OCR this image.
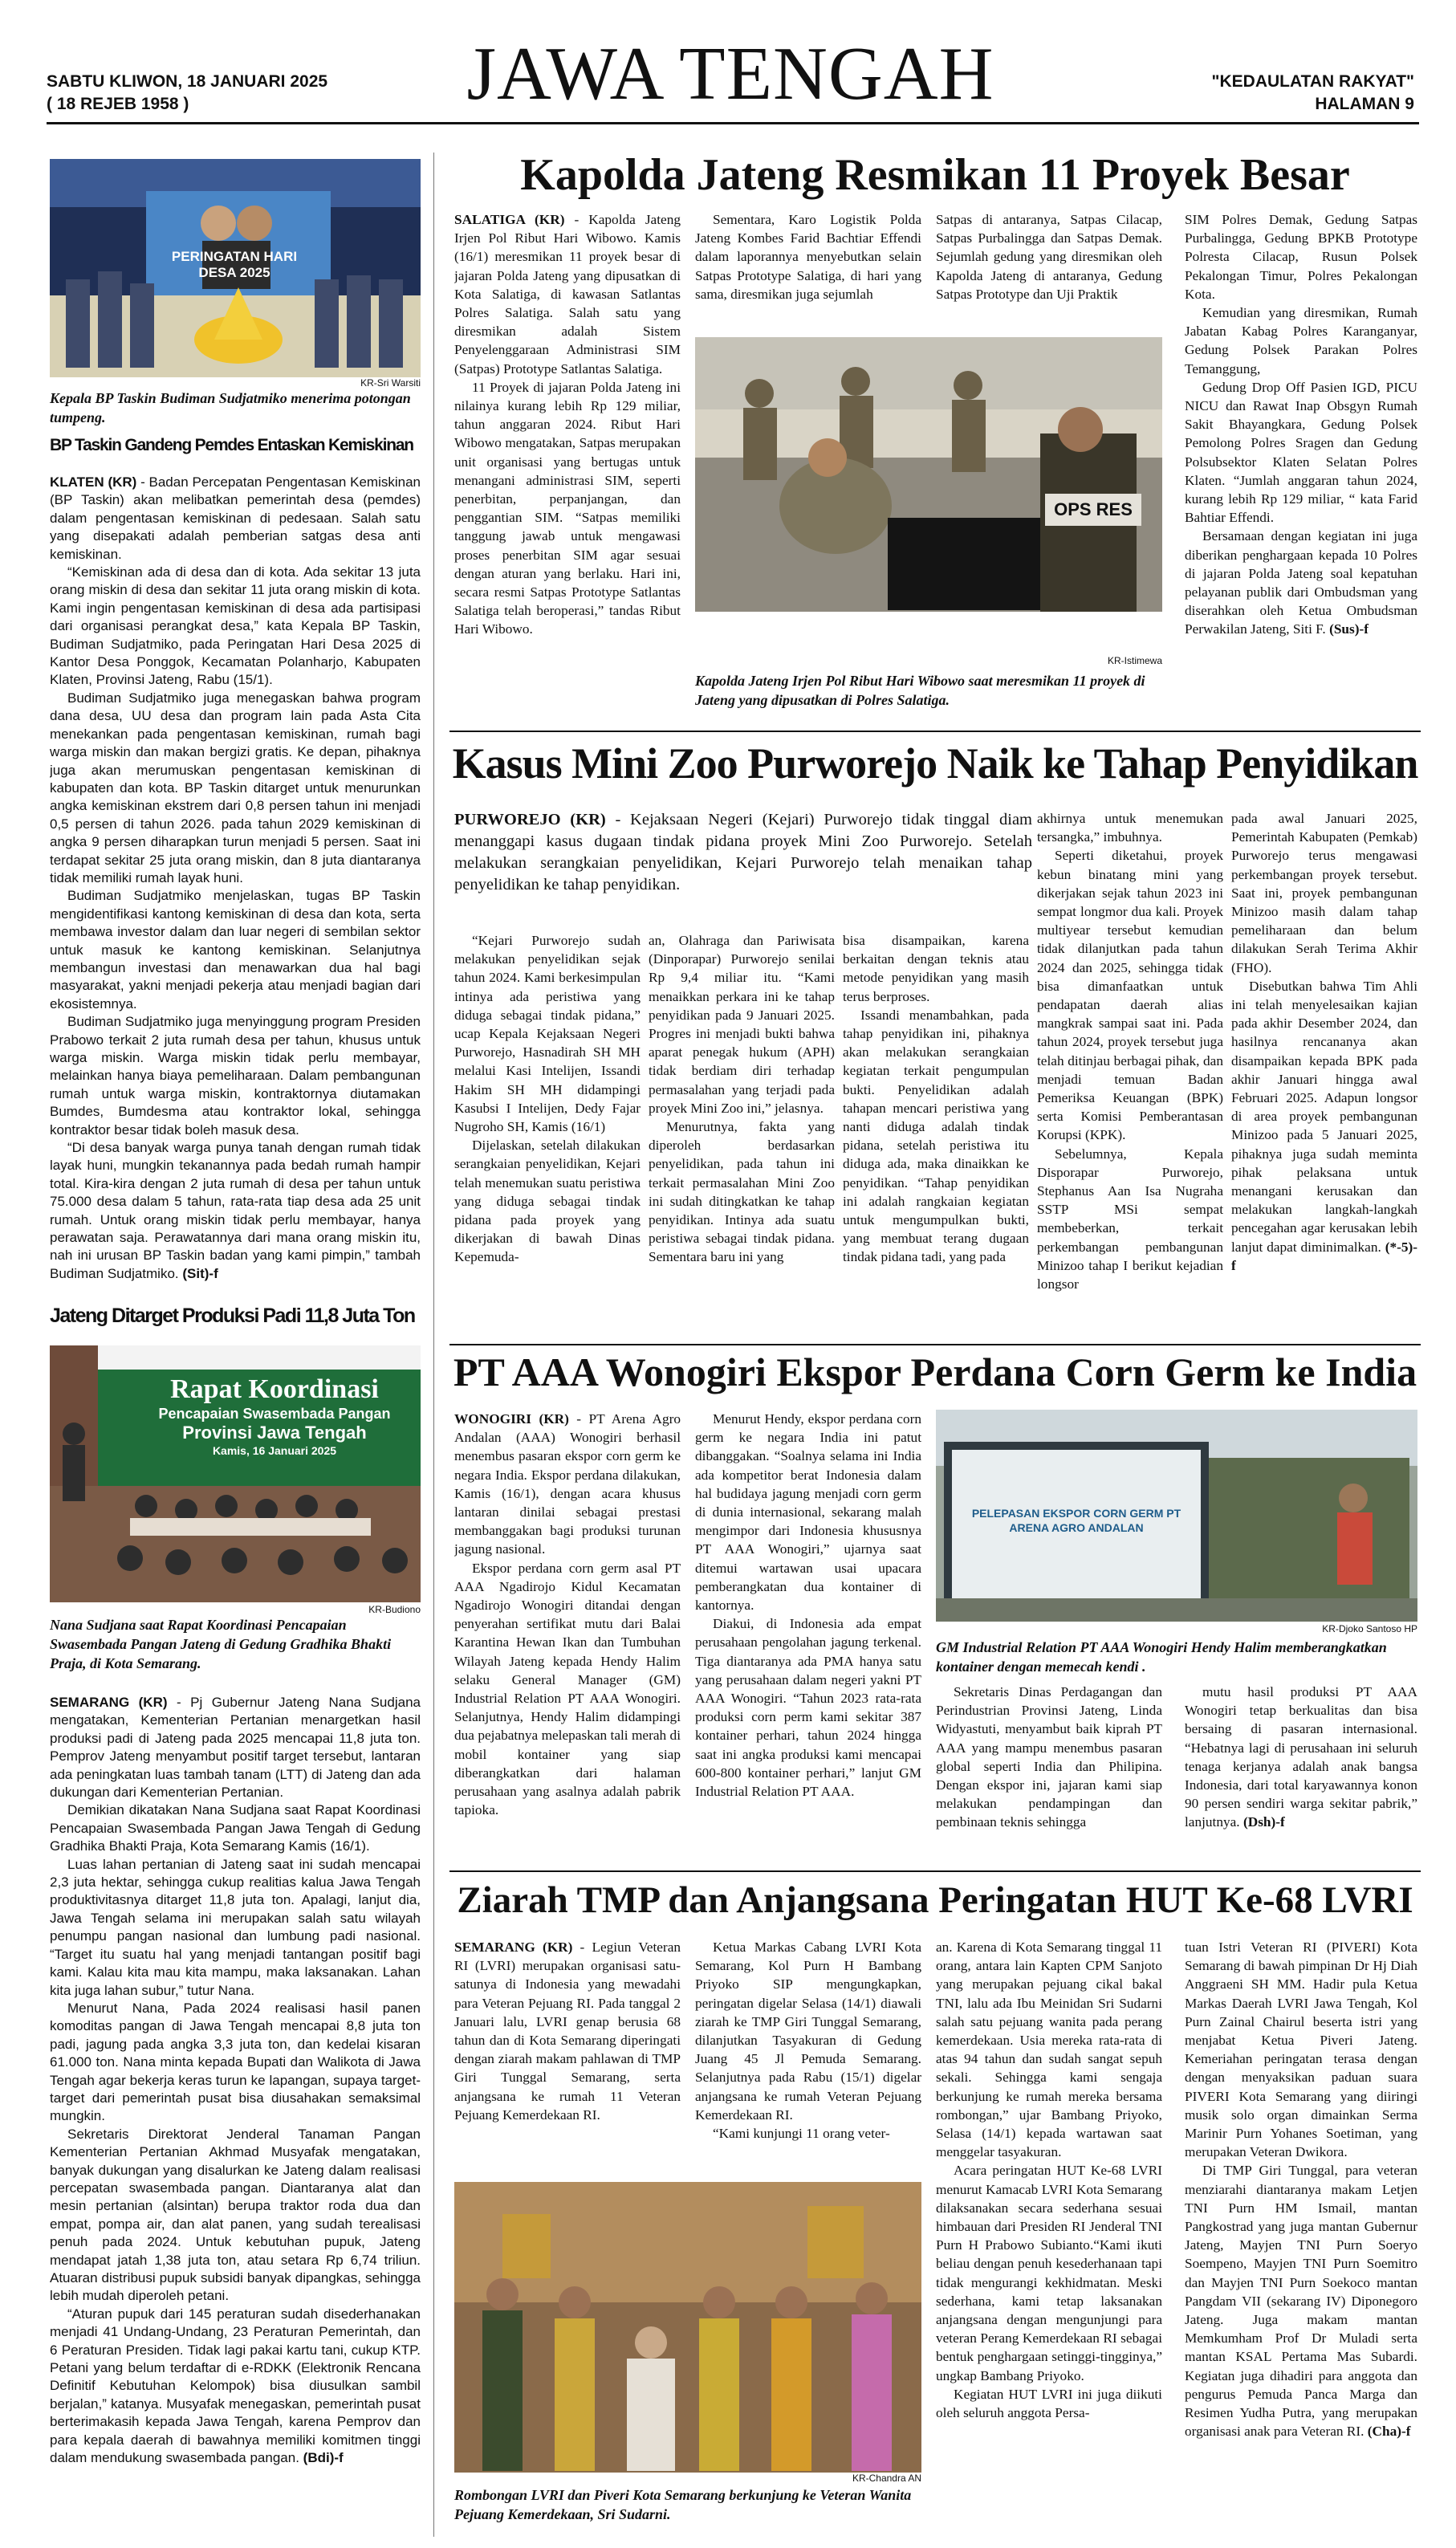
SABTU KLIWON, 18 JANUARI 2025
( 18 REJEB 1958 )	JAWA TENGAH	"KEDAULATAN RAKYAT"
HALAMAN 9
PERINGATAN HARI DESA 2025
KR-Sri Warsiti
Kepala BP Taskin Budiman Sudjatmiko menerima potongan tumpeng.
BP Taskin Gandeng Pemdes Entaskan Kemiskinan

KLATEN (KR) - Badan Percepatan Pengentasan Kemiskinan (BP Taskin) akan melibatkan pemerintah desa (pemdes) dalam pengentasan kemiskinan di pedesaan. Salah satu yang disepakati adalah pemberian satgas desa anti kemiskinan.

“Kemiskinan ada di desa dan di kota. Ada sekitar 13 juta orang miskin di desa dan sekitar 11 juta orang miskin di kota. Kami ingin pengentasan kemiskinan di desa ada partisipasi dari organisasi perangkat desa,” kata Kepala BP Taskin, Budiman Sudjatmiko, pada Peringatan Hari Desa 2025 di Kantor Desa Ponggok, Kecamatan Polanharjo, Kabupaten Klaten, Provinsi Jateng, Rabu (15/1).

Budiman Sudjatmiko juga menegaskan bahwa program dana desa, UU desa dan program lain pada Asta Cita menekankan pada pengentasan kemiskinan, rumah bagi warga miskin dan makan bergizi gratis. Ke depan, pihaknya juga akan merumuskan pengentasan kemiskinan di kabupaten dan kota. BP Taskin ditarget untuk menurunkan angka kemiskinan ekstrem dari 0,8 persen tahun ini menjadi 0,5 persen di tahun 2026. pada tahun 2029 kemiskinan di angka 9 persen diharapkan turun menjadi 5 persen. Saat ini terdapat sekitar 25 juta orang miskin, dan 8 juta diantaranya tidak memiliki rumah layak huni.

Budiman Sudjatmiko menjelaskan, tugas BP Taskin mengidentifikasi kantong kemiskinan di desa dan kota, serta membawa investor dalam dan luar negeri di sembilan sektor untuk masuk ke kantong kemiskinan. Selanjutnya membangun investasi dan menawarkan dua hal bagi masyarakat, yakni menjadi pekerja atau menjadi bagian dari ekosistemnya.

Budiman Sudjatmiko juga menyinggung program Presiden Prabowo terkait 2 juta rumah desa per tahun, khusus untuk warga miskin. Warga miskin tidak perlu membayar, melainkan hanya biaya pemeliharaan. Dalam pembangunan rumah untuk warga miskin, kontraktornya diutamakan Bumdes, Bumdesma atau kontraktor lokal, sehingga kontraktor besar tidak boleh masuk desa.

“Di desa banyak warga punya tanah dengan rumah tidak layak huni, mungkin tekanannya pada bedah rumah hampir total. Kira-kira dengan 2 juta rumah di desa per tahun untuk 75.000 desa dalam 5 tahun, rata-rata tiap desa ada 25 unit rumah. Untuk orang miskin tidak perlu membayar, hanya perawatan saja. Perawatannya dari mana orang miskin itu, nah ini urusan BP Taskin badan yang kami pimpin,” tambah Budiman Sudjatmiko. (Sit)-f

Jateng Ditarget Produksi Padi 11,8 Juta Ton
Rapat Koordinasi
Pencapaian Swasembada Pangan
Provinsi Jawa Tengah
Kamis, 16 Januari 2025
KR-Budiono
Nana Sudjana saat Rapat Koordinasi Pencapaian Swasembada Pangan Jateng di Gedung Gradhika Bhakti Praja, di Kota Semarang.

SEMARANG (KR) - Pj Gubernur Jateng Nana Sudjana mengatakan, Kementerian Pertanian menargetkan hasil produksi padi di Jateng pada 2025 mencapai 11,8 juta ton. Pemprov Jateng menyambut positif target tersebut, lantaran ada peningkatan luas tambah tanam (LTT) di Jateng dan ada dukungan dari Kementerian Pertanian.

Demikian dikatakan Nana Sudjana saat Rapat Koordinasi Pencapaian Swasembada Pangan Jawa Tengah di Gedung Gradhika Bhakti Praja, Kota Semarang Kamis (16/1).

Luas lahan pertanian di Jateng saat ini sudah mencapai 2,3 juta hektar, sehingga cukup realitias kalua Jawa Tengah produktivitasnya ditarget 11,8 juta ton. Apalagi, lanjut dia, Jawa Tengah selama ini merupakan salah satu wilayah penumpu pangan nasional dan lumbung padi nasional. “Target itu suatu hal yang menjadi tantangan positif bagi kami. Kalau kita mau kita mampu, maka laksanakan. Lahan kita juga lahan subur,” tutur Nana.

Menurut Nana, Pada 2024 realisasi hasil panen komoditas pangan di Jawa Tengah mencapai 8,8 juta ton padi, jagung pada angka 3,3 juta ton, dan kedelai kisaran 61.000 ton. Nana minta kepada Bupati dan Walikota di Jawa Tengah agar bekerja keras turun ke lapangan, supaya target-target dari pemerintah pusat bisa diusahakan semaksimal mungkin.

Sekretaris Direktorat Jenderal Tanaman Pangan Kementerian Pertanian Akhmad Musyafak mengatakan, banyak dukungan yang disalurkan ke Jateng dalam realisasi percepatan swasembada pangan. Diantaranya alat dan mesin pertanian (alsintan) berupa traktor roda dua dan empat, pompa air, dan alat panen, yang sudah terealisasi penuh pada 2024. Untuk kebutuhan pupuk, Jateng mendapat jatah 1,38 juta ton, atau setara Rp 6,74 triliun. Atuaran distribusi pupuk subsidi banyak dipangkas, sehingga lebih mudah diperoleh petani.

“Aturan pupuk dari 145 peraturan sudah disederhanakan menjadi 41 Undang-Undang, 23 Peraturan Pemerintah, dan 6 Peraturan Presiden. Tidak lagi pakai kartu tani, cukup KTP. Petani yang belum terdaftar di e-RDKK (Elektronik Rencana Definitif Kebutuhan Kelompok) bisa diusulkan sambil berjalan,” katanya. Musyafak menegaskan, pemerintah pusat berterimakasih kepada Jawa Tengah, karena Pemprov dan para kepala daerah di bawahnya memiliki komitmen tinggi dalam mendukung swasembada pangan. (Bdi)-f

Kapolda Jateng Resmikan 11 Proyek Besar

SALATIGA (KR) - Kapolda Jateng Irjen Pol Ribut Hari Wibowo. Kamis (16/1) meresmikan 11 proyek besar di jajaran Polda Jateng yang dipusatkan di Kota Salatiga, di kawasan Satlantas Polres Salatiga. Salah satu yang diresmikan adalah Sistem Penyelenggaraan Administrasi SIM (Satpas) Prototype Satlantas Salatiga.

11 Proyek di jajaran Polda Jateng ini nilainya kurang lebih Rp 129 miliar, tahun anggaran 2024. Ribut Hari Wibowo mengatakan, Satpas merupakan unit organisasi yang bertugas untuk menangani administrasi SIM, seperti penerbitan, perpanjangan, dan penggantian SIM. “Satpas memiliki tanggung jawab untuk mengawasi proses penerbitan SIM agar sesuai dengan aturan yang berlaku. Hari ini, secara resmi Satpas Prototype Satlantas Salatiga telah beroperasi,” tandas Ribut Hari Wibowo.

Sementara, Karo Logistik Polda Jateng Kombes Farid Bachtiar Effendi dalam laporannya menyebutkan selain Satpas Prototype Salatiga, di hari yang sama, diresmikan juga sejumlah

Satpas di antaranya, Satpas Cilacap, Satpas Purbalingga dan Satpas Demak. Sejumlah gedung yang diresmikan oleh Kapolda Jateng di antaranya, Gedung Satpas Prototype dan Uji Praktik

SIM Polres Demak, Gedung Satpas Purbalingga, Gedung BPKB Prototype Polresta Cilacap, Rusun Polsek Pekalongan Timur, Polres Pekalongan Kota.

Kemudian yang diresmikan, Rumah Jabatan Kabag Polres Karanganyar, Gedung Polsek Parakan Polres Temanggung,

Gedung Drop Off Pasien IGD, PICU NICU dan Rawat Inap Obsgyn Rumah Sakit Bhayangkara, Gedung Polsek Pemolong Polres Sragen dan Gedung Polsubsektor Klaten Selatan Polres Klaten. “Jumlah anggaran tahun 2024, kurang lebih Rp 129 miliar, “ kata Farid Bahtiar Effendi.

Bersamaan dengan kegiatan ini juga diberikan penghargaan kepada 10 Polres di jajaran Polda Jateng soal kepatuhan pelayanan publik dari Ombudsman yang diserahkan oleh Ketua Ombudsman Perwakilan Jateng, Siti F. (Sus)-f

OPS RES
KR-Istimewa
Kapolda Jateng Irjen Pol Ribut Hari Wibowo saat meresmikan 11 proyek di Jateng yang dipusatkan di Polres Salatiga.
Kasus Mini Zoo Purworejo Naik ke Tahap Penyidikan
PURWOREJO (KR) - Kejaksaan Negeri (Kejari) Purworejo tidak tinggal diam menanggapi kasus dugaan tindak pidana proyek Mini Zoo Purworejo. Setelah melakukan serangkaian penyelidikan, Kejari Purworejo telah menaikan tahap penyelidikan ke tahap penyidikan.

“Kejari Purworejo sudah melakukan penyelidikan sejak tahun 2024. Kami berkesimpulan intinya ada peristiwa yang diduga sebagai tindak pidana,” ucap Kepala Kejaksaan Negeri Purworejo, Hasnadirah SH MH melalui Kasi Intelijen, Issandi Hakim SH MH didampingi Kasubsi I Intelijen, Dedy Fajar Nugroho SH, Kamis (16/1)

Dijelaskan, setelah dilakukan serangkaian penyelidikan, Kejari telah menemukan suatu peristiwa yang diduga sebagai tindak pidana pada proyek yang dikerjakan di bawah Dinas Kepemuda-

an, Olahraga dan Pariwisata (Dinporapar) Purworejo senilai Rp 9,4 miliar itu. “Kami menaikkan perkara ini ke tahap penyidikan pada 9 Januari 2025. Progres ini menjadi bukti bahwa aparat penegak hukum (APH) tidak berdiam diri terhadap permasalahan yang terjadi pada proyek Mini Zoo ini,” jelasnya.

Menurutnya, fakta yang diperoleh berdasarkan penyelidikan, pada tahun ini terkait permasalahan Mini Zoo ini sudah ditingkatkan ke tahap penyidikan. Intinya ada suatu peristiwa sebagai tindak pidana. Sementara baru ini yang

bisa disampaikan, karena berkaitan dengan teknis atau metode penyidikan yang masih terus berproses.

Issandi menambahkan, pada tahap penyidikan ini, pihaknya akan melakukan serangkaian kegiatan terkait pengumpulan bukti. Penyelidikan adalah tahapan mencari peristiwa yang nanti diduga adalah tindak pidana, setelah peristiwa itu diduga ada, maka dinaikkan ke penyidikan. “Tahap penyidikan ini adalah rangkaian kegiatan untuk mengumpulkan bukti, yang membuat terang dugaan tindak pidana tadi, yang pada

akhirnya untuk menemukan tersangka,” imbuhnya.

Seperti diketahui, proyek kebun binatang mini yang dikerjakan sejak tahun 2023 ini sempat longmor dua kali. Proyek multiyear tersebut kemudian tidak dilanjutkan pada tahun 2024 dan 2025, sehingga tidak bisa dimanfaatkan untuk pendapatan daerah alias mangkrak sampai saat ini. Pada tahun 2024, proyek tersebut juga telah ditinjau berbagai pihak, dan menjadi temuan Badan Pemeriksa Keuangan (BPK) serta Komisi Pemberantasan Korupsi (KPK).

Sebelumnya, Kepala Disporapar Purworejo, Stephanus Aan Isa Nugraha SSTP MSi sempat membeberkan, terkait perkembangan pembangunan Minizoo tahap I berikut kejadian longsor

pada awal Januari 2025, Pemerintah Kabupaten (Pemkab) Purworejo terus mengawasi perkembangan proyek tersebut. Saat ini, proyek pembangunan Minizoo masih dalam tahap pemeliharaan dan belum dilakukan Serah Terima Akhir (FHO).

Disebutkan bahwa Tim Ahli ini telah menyelesaikan kajian pada akhir Desember 2024, dan hasilnya rencananya akan disampaikan kepada BPK pada akhir Januari hingga awal Februari 2025. Adapun longsor di area proyek pembangunan Minizoo pada 5 Januari 2025, pihaknya juga sudah meminta pihak pelaksana untuk menangani kerusakan dan melakukan langkah-langkah pencegahan agar kerusakan lebih lanjut dapat diminimalkan. (*-5)-f

PT AAA Wonogiri Ekspor Perdana Corn Germ ke India

WONOGIRI (KR) - PT Arena Agro Andalan (AAA) Wonogiri berhasil menembus pasaran ekspor corn germ ke negara India. Ekspor perdana dilakukan, Kamis (16/1), dengan acara khusus lantaran dinilai sebagai prestasi membanggakan bagi produksi turunan jagung nasional.

Ekspor perdana corn germ asal PT AAA Ngadirojo Kidul Kecamatan Ngadirojo Wonogiri ditandai dengan penyerahan sertifikat mutu dari Balai Karantina Hewan Ikan dan Tumbuhan Wilayah Jateng kepada Hendy Halim selaku General Manager (GM) Industrial Relation PT AAA Wonogiri. Selanjutnya, Hendy Halim didampingi dua pejabatnya melepaskan tali merah di mobil kontainer yang siap diberangkatkan dari halaman perusahaan yang asalnya adalah pabrik tapioka.

Menurut Hendy, ekspor perdana corn germ ke negara India ini patut dibanggakan. “Soalnya selama ini India ada kompetitor berat Indonesia dalam hal budidaya jagung menjadi corn germ di dunia internasional, sekarang malah mengimpor dari Indonesia khususnya PT AAA Wonogiri,” ujarnya saat ditemui wartawan usai upacara pemberangkatan dua kontainer di kantornya.

Diakui, di Indonesia ada empat perusahaan pengolahan jagung terkenal. Tiga diantaranya ada PMA hanya satu yang perusahaan dalam negeri yakni PT AAA Wonogiri. “Tahun 2023 rata-rata produksi corn perm kami sekitar 387 kontainer perhari, tahun 2024 hingga saat ini angka produksi kami mencapai 600-800 kontainer perhari,” lanjut GM Industrial Relation PT AAA.

PELEPASAN EKSPOR CORN GERM PT ARENA AGRO ANDALAN
KR-Djoko Santoso HP
GM Industrial Relation PT AAA Wonogiri Hendy Halim memberangkatkan kontainer dengan memecah kendi .

Sekretaris Dinas Perdagangan dan Perindustrian Provinsi Jateng, Linda Widyastuti, menyambut baik kiprah PT AAA yang mampu menembus pasaran global seperti India dan Philipina. Dengan ekspor ini, jajaran kami siap melakukan pendampingan dan pembinaan teknis sehingga

mutu hasil produksi PT AAA Wonogiri tetap berkualitas dan bisa bersaing di pasaran internasional. “Hebatnya lagi di perusahaan ini seluruh tenaga kerjanya adalah anak bangsa Indonesia, dari total karyawannya konon 90 persen sendiri warga sekitar pabrik,” lanjutnya. (Dsh)-f

Ziarah TMP dan Anjangsana Peringatan HUT Ke-68 LVRI

SEMARANG (KR) - Legiun Veteran RI (LVRI) merupakan organisasi satu-satunya di Indonesia yang mewadahi para Veteran Pejuang RI. Pada tanggal 2 Januari lalu, LVRI genap berusia 68 tahun dan di Kota Semarang diperingati dengan ziarah makam pahlawan di TMP Giri Tunggal Semarang, serta anjangsana ke rumah 11 Veteran Pejuang Kemerdekaan RI.

Ketua Markas Cabang LVRI Kota Semarang, Kol Purn H Bambang Priyoko SIP mengungkapkan, peringatan digelar Selasa (14/1) diawali ziarah ke TMP Giri Tunggal Semarang, dilanjutkan Tasyakuran di Gedung Juang 45 Jl Pemuda Semarang. Selanjutnya pada Rabu (15/1) digelar anjangsana ke rumah Veteran Pejuang Kemerdekaan RI.

“Kami kunjungi 11 orang veter-

KR-Chandra AN
Rombongan LVRI dan Piveri Kota Semarang berkunjung ke Veteran Wanita Pejuang Kemerdekaan, Sri Sudarni.

an. Karena di Kota Semarang tinggal 11 orang, antara lain Kapten CPM Sanjoto yang merupakan pejuang cikal bakal TNI, lalu ada Ibu Meinidan Sri Sudarni salah satu pejuang wanita pada perang kemerdekaan. Usia mereka rata-rata di atas 94 tahun dan sudah sangat sepuh sekali. Sehingga kami sengaja berkunjung ke rumah mereka bersama rombongan,” ujar Bambang Priyoko, Selasa (14/1) kepada wartawan saat menggelar tasyakuran.

Acara peringatan HUT Ke-68 LVRI menurut Kamacab LVRI Kota Semarang dilaksanakan secara sederhana sesuai himbauan dari Presiden RI Jenderal TNI Purn H Prabowo Subianto.“Kami ikuti beliau dengan penuh kesederhanaan tapi tidak mengurangi kekhidmatan. Meski sederhana, kami tetap laksanakan anjangsana dengan mengunjungi para veteran Perang Kemerdekaan RI sebagai bentuk penghargaan setinggi-tingginya,” ungkap Bambang Priyoko.

Kegiatan HUT LVRI ini juga diikuti oleh seluruh anggota Persa-

tuan Istri Veteran RI (PIVERI) Kota Semarang di bawah pimpinan Dr Hj Diah Anggraeni SH MM. Hadir pula Ketua Markas Daerah LVRI Jawa Tengah, Kol Purn Zainal Chairul beserta istri yang menjabat Ketua Piveri Jateng. Kemeriahan peringatan terasa dengan dengan menyaksikan paduan suara PIVERI Kota Semarang yang diiringi musik solo organ dimainkan Serma Marinir Purn Yohanes Soetiman, yang merupakan Veteran Dwikora.

Di TMP Giri Tunggal, para veteran menziarahi diantaranya makam Letjen TNI Purn HM Ismail, mantan Pangkostrad yang juga mantan Gubernur Jateng, Mayjen TNI Purn Soeryo Soempeno, Mayjen TNI Purn Soemitro dan Mayjen TNI Purn Soekoco mantan Pangdam VII (sekarang IV) Diponegoro Jateng. Juga makam mantan Memkumham Prof Dr Muladi serta mantan KSAL Pertama Mas Subardi. Kegiatan juga dihadiri para anggota dan pengurus Pemuda Panca Marga dan Resimen Yudha Putra, yang merupakan organisasi anak para Veteran RI. (Cha)-f
